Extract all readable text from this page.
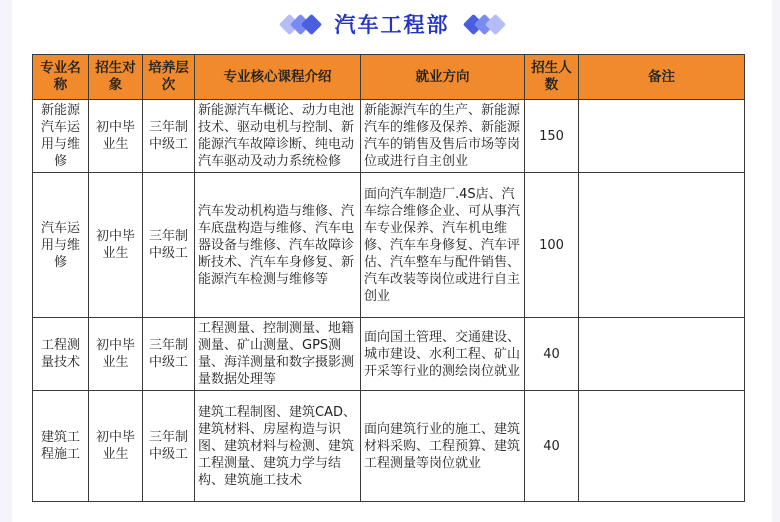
汽车工程部
专业名称	招生对象	培养层次	专业核心课程介绍	就业方向	招生人数	备注
新能源汽车运用与维修	初中毕业生	三年制中级工	新能源汽车概论、动力电池技术、驱动电机与控制、新能源汽车故障诊断、纯电动汽车驱动及动力系统检修	新能源汽车的生产、新能源汽车的维修及保养、新能源汽车的销售及售后市场等岗位或进行自主创业	150	
汽车运用与维修	初中毕业生	三年制中级工	汽车发动机构造与维修、汽车底盘构造与维修、汽车电器设备与维修、汽车故障诊断技术、汽车车身修复、新能源汽车检测与维修等	面向汽车制造厂.4S店、汽车综合维修企业、可从事汽车专业保养、汽车机电维修、汽车车身修复、汽车评估、汽车整车与配件销售、汽车改装等岗位或进行自主创业	100	
工程测量技术	初中毕业生	三年制中级工	工程测量、控制测量、地籍测量、矿山测量、GPS测量、海洋测量和数字摄影测量数据处理等	面向国土管理、交通建设、城市建设、水利工程、矿山开采等行业的测绘岗位就业	40	
建筑工程施工	初中毕业生	三年制中级工	建筑工程制图、建筑CAD、建筑材料、房屋构造与识图、建筑材料与检测、建筑工程测量、建筑力学与结构、建筑施工技术	面向建筑行业的施工、建筑材料采购、工程预算、建筑工程测量等岗位就业	40	
